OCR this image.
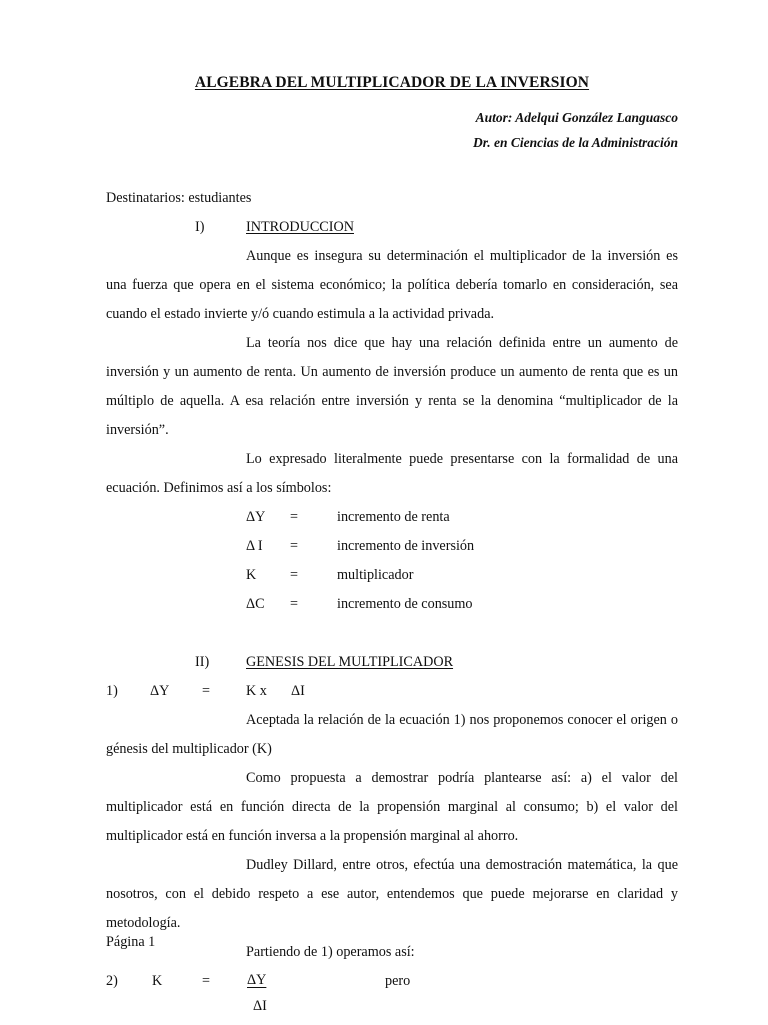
ALGEBRA DEL MULTIPLICADOR DE LA INVERSION
Autor: Adelqui González Languasco
Dr. en Ciencias de la Administración

Destinatarios: estudiantes

I)	INTRODUCCION

Aunque es insegura su determinación el multiplicador de la inversión es una fuerza que opera en el sistema económico; la política debería tomarlo en consideración, sea cuando el estado invierte y/ó cuando estimula a la actividad privada.

La teoría nos dice que hay una relación definida entre un aumento de inversión y un aumento de renta. Un aumento de inversión produce un aumento de renta que es un múltiplo de aquella. A esa relación entre inversión y renta se la denomina “multiplicador de la inversión”.

Lo expresado literalmente puede presentarse con la formalidad de una ecuación. Definimos así a los símbolos:

ΔY =	incremento de renta
Δ I =	incremento de inversión
K =	multiplicador
ΔC =	incremento de consumo
II)	GENESIS DEL MULTIPLICADOR
1) ΔY =	K x ΔI

Aceptada la relación de la ecuación 1) nos proponemos conocer el origen o génesis del multiplicador (K)

Como propuesta a demostrar podría plantearse así: a) el valor del multiplicador está en función directa de la propensión marginal al consumo; b) el valor del multiplicador está en función inversa a la propensión marginal al ahorro.

Dudley Dillard, entre otros, efectúa una demostración matemática, la que nosotros, con el debido respeto a ese autor, entendemos que puede mejorarse en claridad y metodología.

Partiendo de 1) operamos así:

2) K	=	$\frac{\Delta Y}{\Delta I}$	pero
Página 1
